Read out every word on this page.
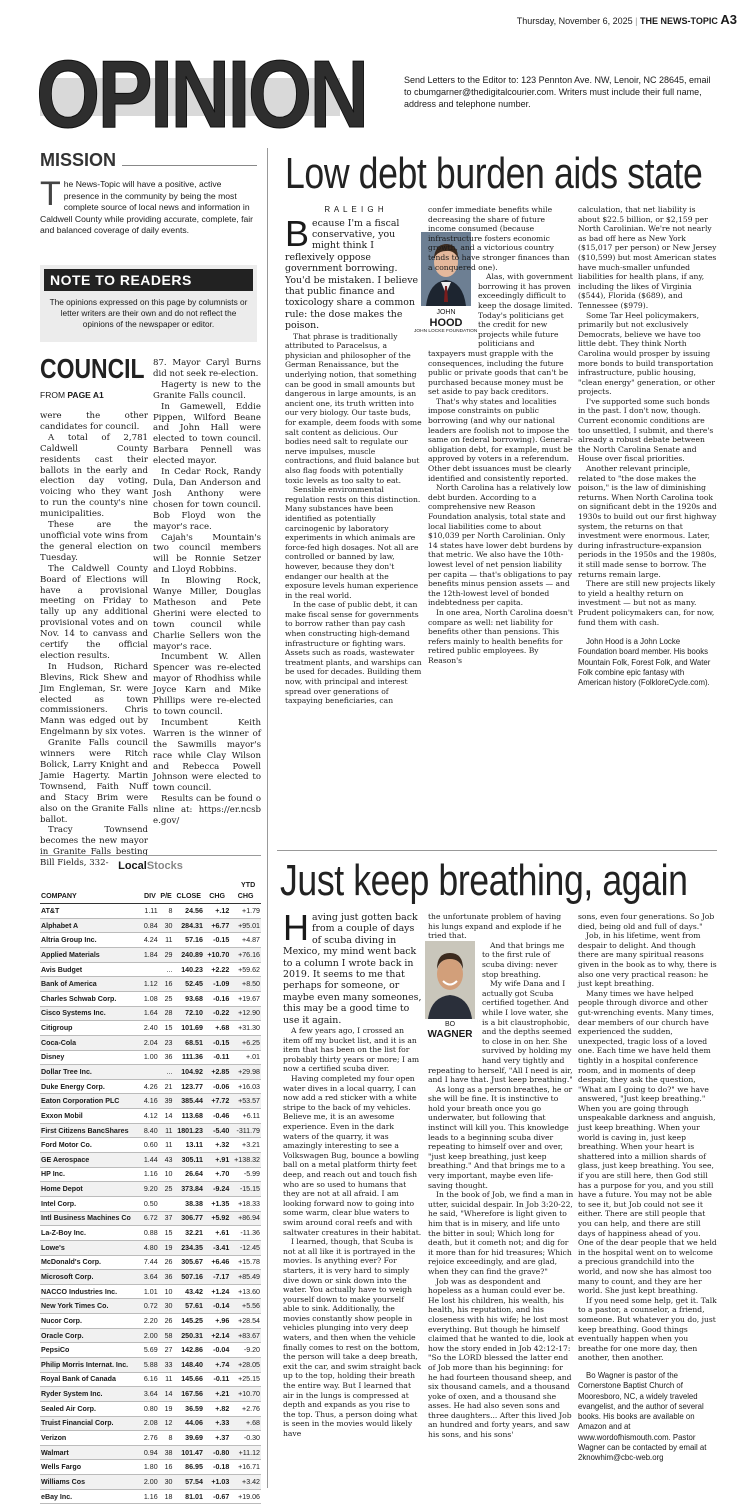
Thursday, November 6, 2025 | THE NEWS-TOPIC A3
OPINION	Send Letters to the Editor to: 123 Pennton Ave. NW, Lenoir, NC 28645, email to cbumgarner@thedigitalcourier.com. Writers must include their full name, address and telephone number.
MISSION
T he News-Topic will have a positive, active presence in the community by being the most complete source of local news and information in Caldwell County while providing accurate, complete, fair and balanced coverage of daily events.
NOTE TO READERS
The opinions expressed on this page by columnists or letter writers are their own and do not reflect the opinions of the newspaper or editor.
COUNCIL
FROM PAGE A1
were the other candidates for council.
A total of 2,781 Caldwell County residents cast their ballots in the early and election day voting, voicing who they want to run the county's nine municipalities.
These are the unofficial vote wins from the general election on Tuesday.
The Caldwell County Board of Elections will have a provisional meeting on Friday to tally up any additional provisional votes and on Nov. 14 to canvass and certify the official election results.
In Hudson, Richard Blevins, Rick Shew and Jim Engleman, Sr. were elected as town commissioners. Chris Mann was edged out by Engelmann by six votes.
Granite Falls council winners were Ritch Bolick, Larry Knight and Jamie Hagerty. Martin Townsend, Faith Nuff and Stacy Brim were also on the Granite Falls ballot.
Tracy Townsend becomes the new mayor in Granite Falls besting Bill Fields, 332-
87. Mayor Caryl Burns did not seek re-election.
Hagerty is new to the Granite Falls council.
In Gamewell, Eddie Pippen, Wilford Beane and John Hall were elected to town council. Barbara Pennell was elected mayor.
In Cedar Rock, Randy Dula, Dan Anderson and Josh Anthony were chosen for town council. Bob Floyd won the mayor's race.
Cajah's Mountain's two council members will be Ronnie Setzer and Lloyd Robbins.
In Blowing Rock, Wanye Miller, Douglas Matheson and Pete Gherini were elected to town council while Charlie Sellers won the mayor's race.
Incumbent W. Allen Spencer was re-elected mayor of Rhodhiss while Joyce Karn and Mike Phillips were re-elected to town council.
Incumbent Keith Warren is the winner of the Sawmills mayor's race while Clay Wilson and Rebecca Powell Johnson were elected to town council.
Results can be found online at: https://er.ncsbe.gov/
LocalStocks
YTD
COMPANY	DIV	P/E	CLOSE	CHG	CHG
AT&T	1.11	8	24.56	+.12	+1.79
Alphabet A	0.84	30	284.31	+6.77	+95.01
Altria Group Inc.	4.24	11	57.16	-0.15	+4.87
Applied Materials	1.84	29	240.89	+10.70	+76.16
Avis Budget		...	140.23	+2.22	+59.62
Bank of America	1.12	16	52.45	-1.09	+8.50
Charles Schwab Corp.	1.08	25	93.68	-0.16	+19.67
Cisco Systems Inc.	1.64	28	72.10	-0.22	+12.90
Citigroup	2.40	15	101.69	+.68	+31.30
Coca-Cola	2.04	23	68.51	-0.15	+6.25
Disney	1.00	36	111.36	-0.11	+.01
Dollar Tree Inc.		...	104.92	+2.85	+29.98
Duke Energy Corp.	4.26	21	123.77	-0.06	+16.03
Eaton Corporation PLC	4.16	39	385.44	+7.72	+53.57
Exxon Mobil	4.12	14	113.68	-0.46	+6.11
First Citizens BancShares	8.40	11	1801.23	-5.40	-311.79
Ford Motor Co.	0.60	11	13.11	+.32	+3.21
GE Aerospace	1.44	43	305.11	+.91	+138.32
HP Inc.	1.16	10	26.64	+.70	-5.99
Home Depot	9.20	25	373.84	-9.24	-15.15
Intel Corp.	0.50		38.38	+1.35	+18.33
Intl Business Machines Co	6.72	37	306.77	+5.92	+86.94
La-Z-Boy Inc.	0.88	15	32.21	+.61	-11.36
Lowe's	4.80	19	234.35	-3.41	-12.45
McDonald's Corp.	7.44	26	305.67	+6.46	+15.78
Microsoft Corp.	3.64	36	507.16	-7.17	+85.49
NACCO Industries Inc.	1.01	10	43.42	+1.24	+13.60
New York Times Co.	0.72	30	57.61	-0.14	+5.56
Nucor Corp.	2.20	26	145.25	+.96	+28.54
Oracle Corp.	2.00	58	250.31	+2.14	+83.67
PepsiCo	5.69	27	142.86	-0.04	-9.20
Philip Morris Internat. Inc.	5.88	33	148.40	+.74	+28.05
Royal Bank of Canada	6.16	11	145.66	-0.11	+25.15
Ryder System Inc.	3.64	14	167.56	+.21	+10.70
Sealed Air Corp.	0.80	19	36.59	+.82	+2.76
Truist Financial Corp.	2.08	12	44.06	+.33	+.68
Verizon	2.76	8	39.69	+.37	-0.30
Walmart	0.94	38	101.47	-0.80	+11.12
Wells Fargo	1.80	16	86.95	-0.18	+16.71
Williams Cos	2.00	30	57.54	+1.03	+3.42
eBay Inc.	1.16	18	81.01	-0.67	+19.06
Low debt burden aids state
R A L E I G H
B ecause I'm a fiscal conservative, you might think I reflexively oppose government borrowing. You'd be mistaken. I believe that public finance and toxicology share a common rule: the dose makes the poison.

That phrase is traditionally attributed to Paracelsus, a physician and philosopher of the German Renaissance, but the underlying notion, that something can be good in small amounts but dangerous in large amounts, is an ancient one, its truth written into our very biology. Our taste buds, for example, deem foods with some salt content as delicious. Our bodies need salt to regulate our nerve impulses, muscle contractions, and fluid balance but also flag foods with potentially toxic levels as too salty to eat.

Sensible environmental regulation rests on this distinction. Many substances have been identified as potentially carcinogenic by laboratory experiments in which animals are force-fed high dosages. Not all are controlled or banned by law, however, because they don't endanger our health at the exposure levels human experience in the real world.

In the case of public debt, it can make fiscal sense for governments to borrow rather than pay cash when constructing high-demand infrastructure or fighting wars. Assets such as roads, wastewater treatment plants, and warships can be used for decades. Building them now, with principal and interest spread over generations of taxpaying beneficiaries, can

confer immediate benefits while decreasing the share of future income consumed (because infrastructure fosters economic growth, and a victorious country tends to have stronger finances than a conquered one).
JOHN
HOOD
JOHN LOCKE FOUNDATION

Alas, with government borrowing it has proven exceedingly difficult to keep the dosage limited. Today's politicians get the credit for new projects while future politicians and taxpayers must grapple with the consequences, including the future public or private goods that can't be purchased because money must be set aside to pay back creditors.

That's why states and localities impose constraints on public borrowing (and why our national leaders are foolish not to impose the same on federal borrowing). General-obligation debt, for example, must be approved by voters in a referendum. Other debt issuances must be clearly identified and consistently reported.

North Carolina has a relatively low debt burden. According to a comprehensive new Reason Foundation analysis, total state and local liabilities come to about $10,039 per North Carolinian. Only 14 states have lower debt burdens by that metric. We also have the 10th-lowest level of net pension liability per capita — that's obligations to pay benefits minus pension assets — and the 12th-lowest level of bonded indebtedness per capita.

In one area, North Carolina doesn't compare as well: net liability for benefits other than pensions. This refers mainly to health benefits for retired public employees. By Reason's

calculation, that net liability is about $22.5 billion, or $2,159 per North Carolinian. We're not nearly as bad off here as New York ($15,017 per person) or New Jersey ($10,599) but most American states have much-smaller unfunded liabilities for health plans, if any, including the likes of Virginia ($544), Florida ($689), and Tennessee ($979).

Some Tar Heel policymakers, primarily but not exclusively Democrats, believe we have too little debt. They think North Carolina would prosper by issuing more bonds to build transportation infrastructure, public housing, "clean energy" generation, or other projects.

I've supported some such bonds in the past. I don't now, though. Current economic conditions are too unsettled, I submit, and there's already a robust debate between the North Carolina Senate and House over fiscal priorities.

Another relevant principle, related to "the dose makes the poison," is the law of diminishing returns. When North Carolina took on significant debt in the 1920s and 1930s to build out our first highway system, the returns on that investment were enormous. Later, during infrastructure-expansion periods in the 1950s and the 1980s, it still made sense to borrow. The returns remain large.

There are still new projects likely to yield a healthy return on investment — but not as many. Prudent policymakers can, for now, fund them with cash.

John Hood is a John Locke Foundation board member. His books Mountain Folk, Forest Folk, and Water Folk combine epic fantasy with American history (FolkloreCycle.com).
Just keep breathing, again
H aving just gotten back from a couple of days of scuba diving in Mexico, my mind went back to a column I wrote back in 2019. It seems to me that perhaps for someone, or maybe even many someones, this may be a good time to use it again.

A few years ago, I crossed an item off my bucket list, and it is an item that has been on the list for probably thirty years or more; I am now a certified scuba diver.

Having completed my four open water dives in a local quarry, I can now add a red sticker with a white stripe to the back of my vehicles. Believe me, it is an awesome experience. Even in the dark waters of the quarry, it was amazingly interesting to see a Volkswagen Bug, bounce a bowling ball on a metal platform thirty feet deep, and reach out and touch fish who are so used to humans that they are not at all afraid. I am looking forward now to going into some warm, clear blue waters to swim around coral reefs and with saltwater creatures in their habitat.

I learned, though, that Scuba is not at all like it is portrayed in the movies. Is anything ever? For starters, it is very hard to simply dive down or sink down into the water. You actually have to weigh yourself down to make yourself able to sink. Additionally, the movies constantly show people in vehicles plunging into very deep waters, and then when the vehicle finally comes to rest on the bottom, the person will take a deep breath, exit the car, and swim straight back up to the top, holding their breath the entire way. But I learned that air in the lungs is compressed at depth and expands as you rise to the top. Thus, a person doing what is seen in the movies would likely have

the unfortunate problem of having his lungs expand and explode if he tried that.
BO
WAGNER

And that brings me to the first rule of scuba diving: never stop breathing.

My wife Dana and I actually got Scuba certified together. And while I love water, she is a bit claustrophobic, and the depths seemed to close in on her. She survived by holding my hand very tightly and repeating to herself, "All I need is air, and I have that. Just keep breathing."

As long as a person breathes, he or she will be fine. It is instinctive to hold your breath once you go underwater, but following that instinct will kill you. This knowledge leads to a beginning scuba diver repeating to himself over and over, "just keep breathing, just keep breathing." And that brings me to a very important, maybe even life-saving thought.

In the book of Job, we find a man in utter, suicidal despair. In Job 3:20-22, he said, "Wherefore is light given to him that is in misery, and life unto the bitter in soul; Which long for death, but it cometh not; and dig for it more than for hid treasures; Which rejoice exceedingly, and are glad, when they can find the grave?"

Job was as despondent and hopeless as a human could ever be. He lost his children, his wealth, his health, his reputation, and his closeness with his wife; he lost most everything. But though he himself claimed that he wanted to die, look at how the story ended in Job 42:12-17: "So the LORD blessed the latter end of Job more than his beginning: for he had fourteen thousand sheep, and six thousand camels, and a thousand yoke of oxen, and a thousand she asses. He had also seven sons and three daughters... After this lived Job an hundred and forty years, and saw his sons, and his sons'

sons, even four generations. So Job died, being old and full of days."

Job, in his lifetime, went from despair to delight. And though there are many spiritual reasons given in the book as to why, there is also one very practical reason: he just kept breathing.

Many times we have helped people through divorce and other gut-wrenching events. Many times, dear members of our church have experienced the sudden, unexpected, tragic loss of a loved one. Each time we have held them tightly in a hospital conference room, and in moments of deep despair, they ask the question, "What am I going to do?" we have answered, "Just keep breathing." When you are going through unspeakable darkness and anguish, just keep breathing. When your world is caving in, just keep breathing. When your heart is shattered into a million shards of glass, just keep breathing. You see, if you are still here, then God still has a purpose for you, and you still have a future. You may not be able to see it, but Job could not see it either. There are still people that you can help, and there are still days of happiness ahead of you. One of the dear people that we held in the hospital went on to welcome a precious grandchild into the world, and now she has almost too many to count, and they are her world. She just kept breathing.

If you need some help, get it. Talk to a pastor, a counselor, a friend, someone. But whatever you do, just keep breathing. Good things eventually happen when you breathe for one more day, then another, then another.

Bo Wagner is pastor of the Cornerstone Baptist Church of Mooresboro, NC, a widely traveled evangelist, and the author of several books. His books are available on Amazon and at www.wordofhismouth.com. Pastor Wagner can be contacted by email at 2knowhim@cbc-web.org
